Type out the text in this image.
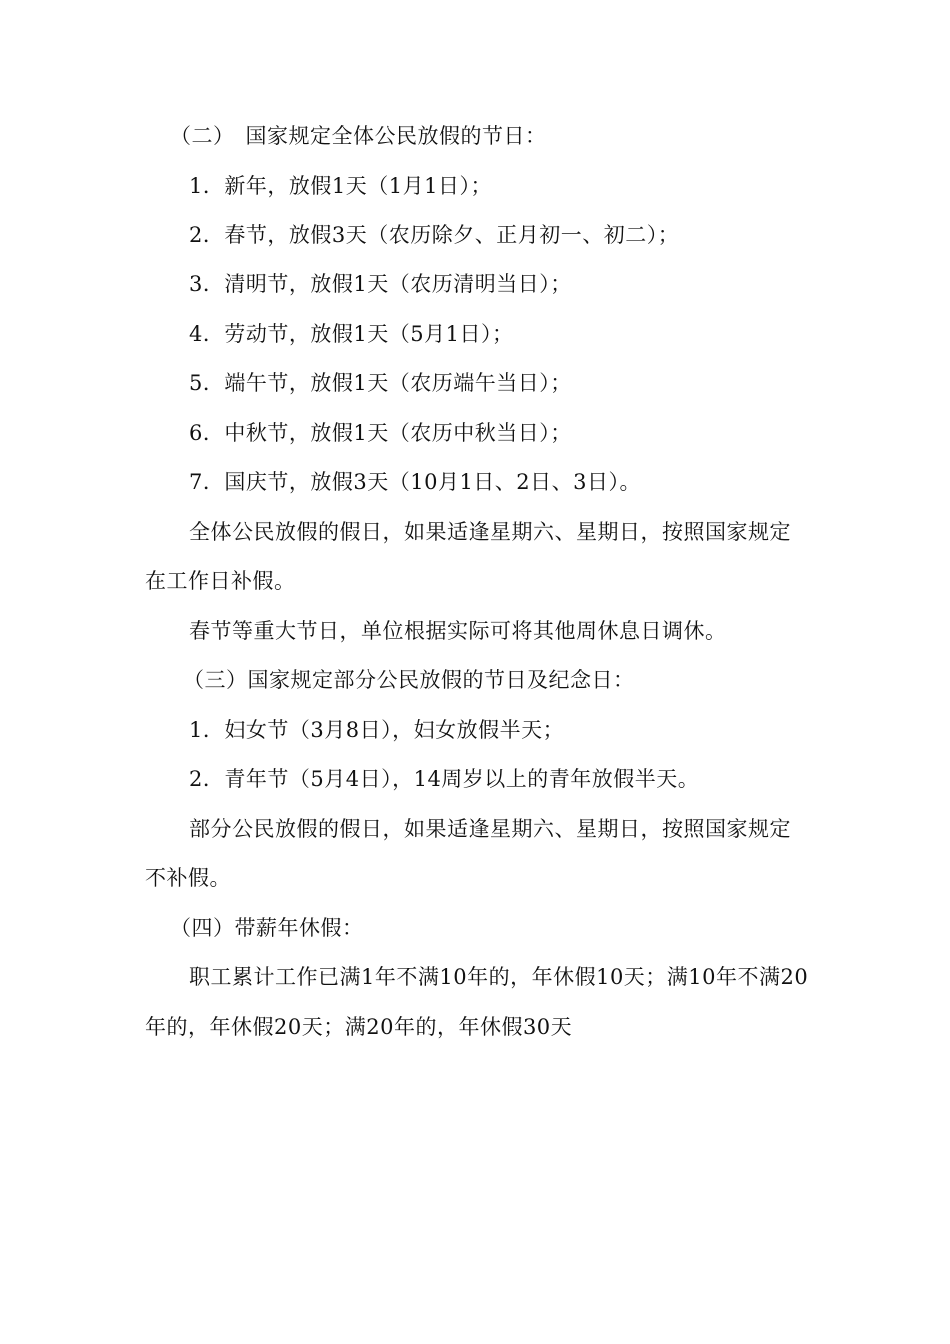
（二）　国家规定全体公民放假的节日：
1．新年，放假1天（1月1日）；
2．春节，放假3天（农历除夕、正月初一、初二）；
3．清明节，放假1天（农历清明当日）；
4．劳动节，放假1天（5月1日）；
5．端午节，放假1天（农历端午当日）；
6．中秋节，放假1天（农历中秋当日）；
7．国庆节，放假3天（10月1日、2日、3日）。
全体公民放假的假日，如果适逢星期六、星期日，按照国家规定
在工作日补假。
春节等重大节日，单位根据实际可将其他周休息日调休。
（三）国家规定部分公民放假的节日及纪念日：
1．妇女节（3月8日），妇女放假半天；
2．青年节（5月4日），14周岁以上的青年放假半天。
部分公民放假的假日，如果适逢星期六、星期日，按照国家规定
不补假。
（四）带薪年休假：
职工累计工作已满1年不满10年的，年休假10天；满10年不满20
年的，年休假20天；满20年的，年休假30天
